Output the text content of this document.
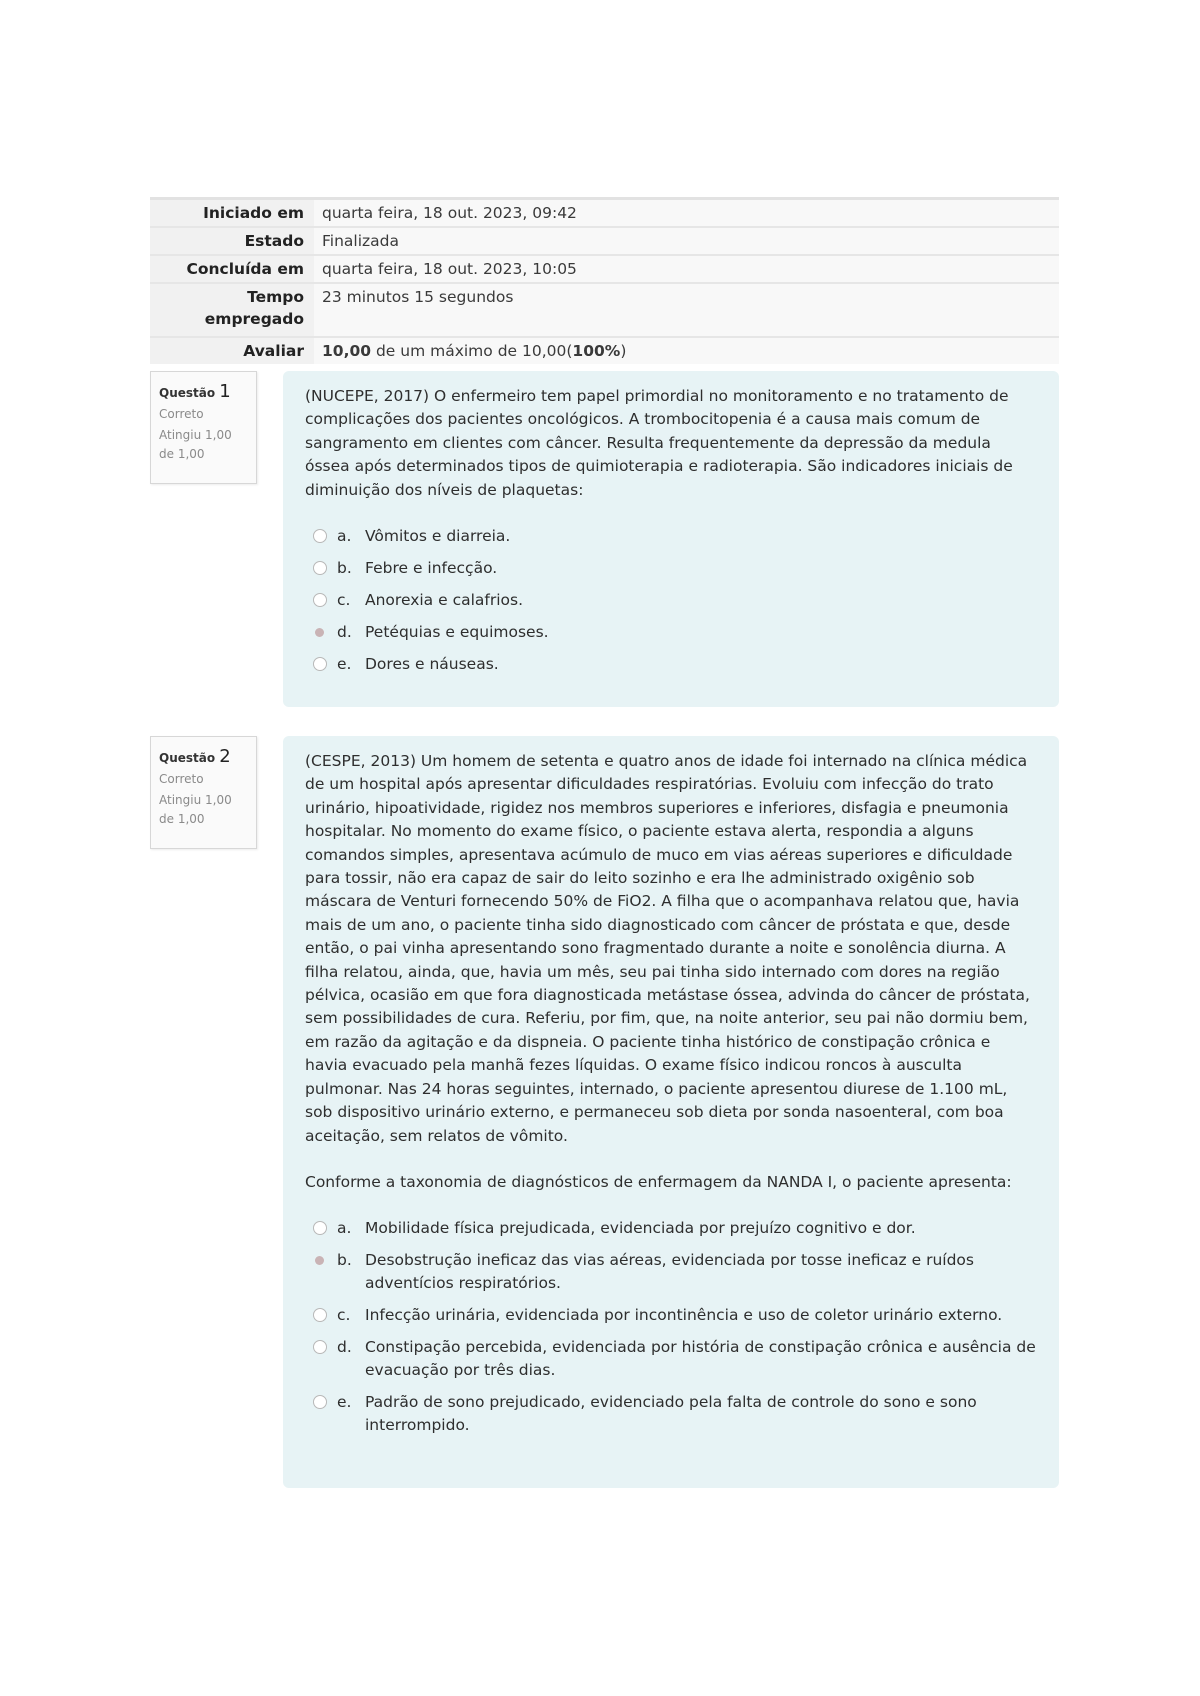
Iniciado em	quarta feira, 18 out. 2023, 09:42
Estado	Finalizada
Concluída em	quarta feira, 18 out. 2023, 10:05
Tempo empregado	23 minutos 15 segundos
Avaliar	10,00 de um máximo de 10,00(100%)
Questão 1
Correto
Atingiu 1,00 de 1,00

(NUCEPE, 2017) O enfermeiro tem papel primordial no monitoramento e no tratamento de complicações dos pacientes oncológicos. A trombocitopenia é a causa mais comum de sangramento em clientes com câncer. Resulta frequentemente da depressão da medula óssea após determinados tipos de quimioterapia e radioterapia. São indicadores iniciais de diminuição dos níveis de plaquetas:

a. Vômitos e diarreia.
b. Febre e infecção.
c. Anorexia e calafrios.
d. Petéquias e equimoses.
e. Dores e náuseas.
Questão 2
Correto
Atingiu 1,00 de 1,00

(CESPE, 2013) Um homem de setenta e quatro anos de idade foi internado na clínica médica de um hospital após apresentar dificuldades respiratórias. Evoluiu com infecção do trato urinário, hipoatividade, rigidez nos membros superiores e inferiores, disfagia e pneumonia hospitalar. No momento do exame físico, o paciente estava alerta, respondia a alguns comandos simples, apresentava acúmulo de muco em vias aéreas superiores e dificuldade para tossir, não era capaz de sair do leito sozinho e era lhe administrado oxigênio sob máscara de Venturi fornecendo 50% de FiO2. A filha que o acompanhava relatou que, havia mais de um ano, o paciente tinha sido diagnosticado com câncer de próstata e que, desde então, o pai vinha apresentando sono fragmentado durante a noite e sonolência diurna. A filha relatou, ainda, que, havia um mês, seu pai tinha sido internado com dores na região pélvica, ocasião em que fora diagnosticada metástase óssea, advinda do câncer de próstata, sem possibilidades de cura. Referiu, por fim, que, na noite anterior, seu pai não dormiu bem, em razão da agitação e da dispneia. O paciente tinha histórico de constipação crônica e havia evacuado pela manhã fezes líquidas. O exame físico indicou roncos à ausculta pulmonar. Nas 24 horas seguintes, internado, o paciente apresentou diurese de 1.100 mL, sob dispositivo urinário externo, e permaneceu sob dieta por sonda nasoenteral, com boa aceitação, sem relatos de vômito.

Conforme a taxonomia de diagnósticos de enfermagem da NANDA I, o paciente apresenta:

a. Mobilidade física prejudicada, evidenciada por prejuízo cognitivo e dor.
b. Desobstrução ineficaz das vias aéreas, evidenciada por tosse ineficaz e ruídos adventícios respiratórios.
c. Infecção urinária, evidenciada por incontinência e uso de coletor urinário externo.
d. Constipação percebida, evidenciada por história de constipação crônica e ausência de evacuação por três dias.
e. Padrão de sono prejudicado, evidenciado pela falta de controle do sono e sono interrompido.
